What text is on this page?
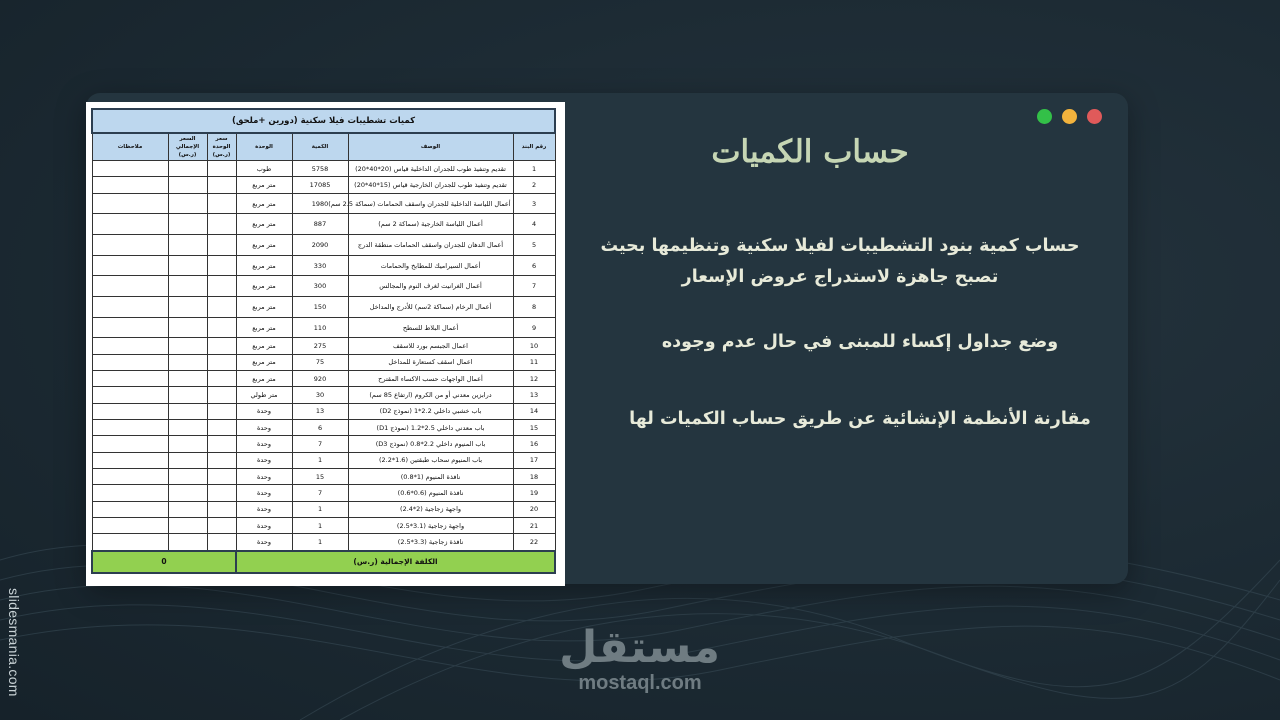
حساب الكميات
حساب كمية بنود التشطيبات لفيلا سكنية وتنظيمها بحيث تصبح جاهزة لاستدراج عروض الإسعار
وضع جداول إكساء للمبنى في حال عدم وجوده
مقارنة الأنظمة الإنشائية عن طريق حساب الكميات لها
كميات تشطيبات فيلا سكنية (دورين +ملحق)						
رقم البند	الوصف	الكمية	الوحدة	سعر الوحدة (ر.س)	السعر الإجمالي (ر.س)	ملاحظات
1	تقديم وتنفيذ طوب للجدران الداخلية قياس (20*40*20)	5758	طوب			
2	تقديم وتنفيذ طوب للجدران الخارجية قياس (15*40*20)	17085	متر مربع			
3	أعمال اللياسة الداخلية للجدران واسقف الحمامات (سماكة 2.5 سم)	1980	متر مربع			
4	أعمال اللياسة الخارجية (سماكة 2 سم)	887	متر مربع			
5	أعمال الدهان للجدران واسقف الحمامات منطقة الدرج	2090	متر مربع			
6	أعمال السيراميك للمطابخ والحمامات	330	متر مربع			
7	أعمال الغرانيت لغرف النوم والمجالس	300	متر مربع			
8	أعمال الرخام (سماكة 2سم) للأدرج والمداخل	150	متر مربع			
9	أعمال البلاط للسطح	110	متر مربع			
10	اعمال الجبسم بورد للاسقف	275	متر مربع			
11	اعمال اسقف كستعارة للمداخل	75	متر مربع			
12	أعمال الواجهات حسب الاكساء المقترح	920	متر مربع			
13	درابزين معدني أو من الكروم (ارتفاع 85 سم)	30	متر طولي			
14	باب خشبي داخلي 2.2*1 (نموذج D2)	13	وحدة			
15	باب معدني داخلي 2.5*1.2 (نموذج D1)	6	وحدة			
16	باب المنيوم داخلي 2.2*0.8 (نموذج D3)	7	وحدة			
17	باب المنيوم سحاب طبقتين (1.6*2.2)	1	وحدة			
18	نافذة المنيوم (1*0.8)	15	وحدة			
19	نافذة المنيوم (0.6*0.6)	7	وحدة			
20	واجهة زجاجية (2*2.4)	1	وحدة			
21	واجهة زجاجية (3.1*2.5)	1	وحدة			
22	نافذة زجاجية (3.3*2.5)	1	وحدة			
الكلفة الإجمالية (ر.س)				0		
slidesmania.com	مستقل
mostaql.com
